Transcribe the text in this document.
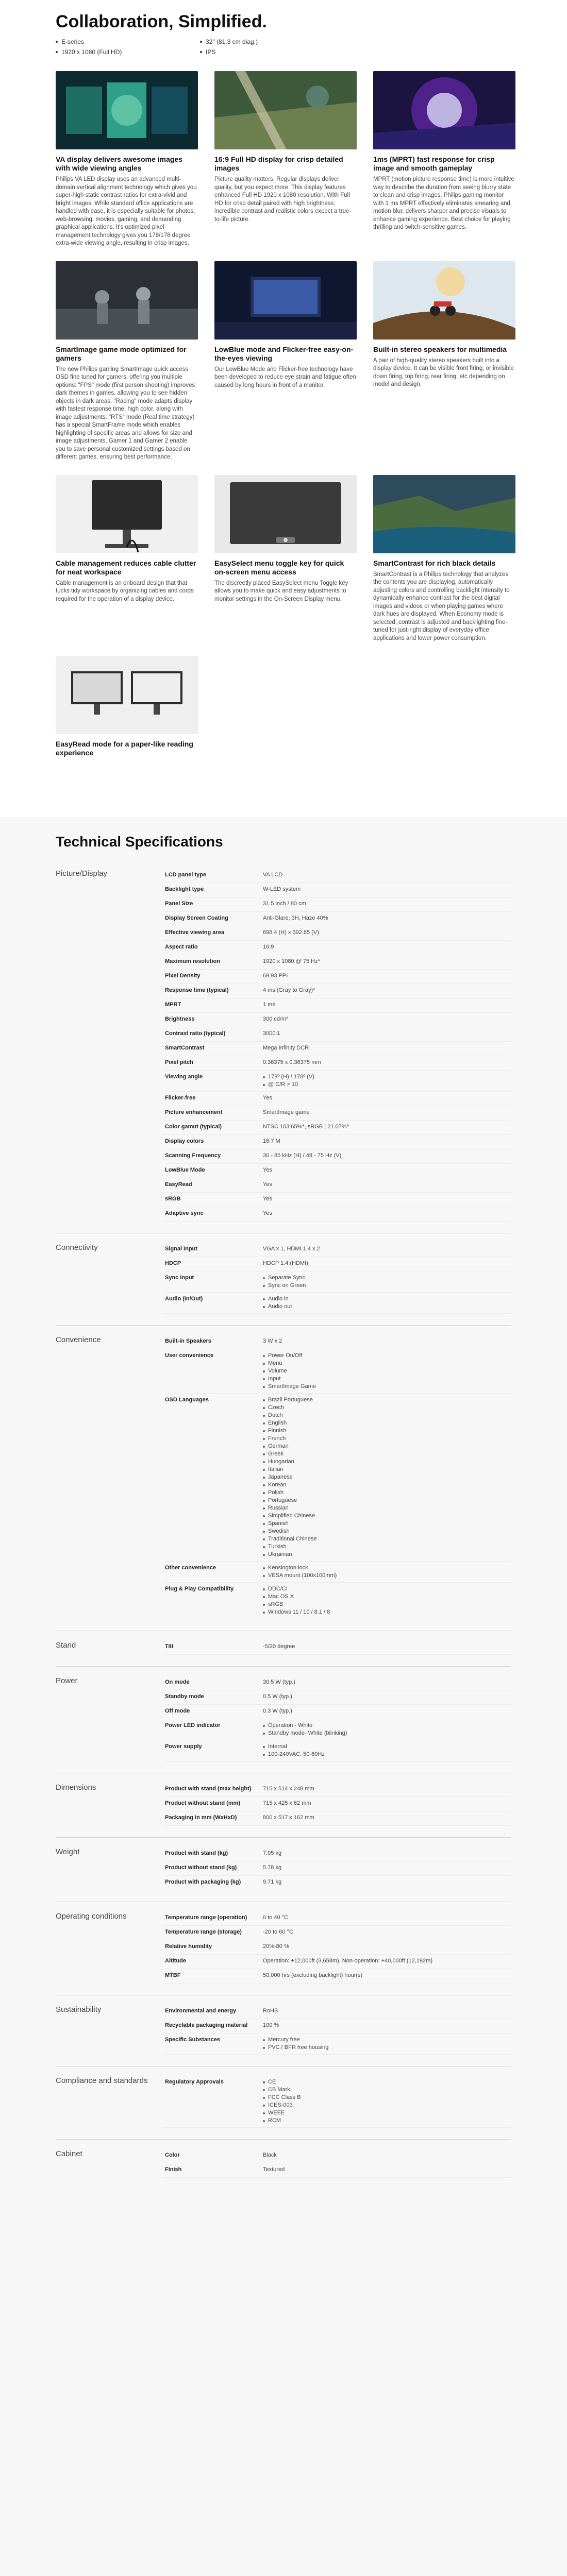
Collaboration, Simplified.
E-series	32" (81.3 cm diag.)
1920 x 1080 (Full HD)	IPS
VA display delivers awesome images with wide viewing angles

Philips VA LED display uses an advanced multi-domain vertical alignment technology which gives you super-high static contrast ratios for extra-vivid and bright images. While standard office applications are handled with ease, it is especially suitable for photos, web-browsing, movies, gaming, and demanding graphical applications. It's optimized pixel management technology gives you 178/178 degree extra-wide viewing angle, resulting in crisp images.

16:9 Full HD display for crisp detailed images

Picture quality matters. Regular displays deliver quality, but you expect more. This display features enhanced Full HD 1920 x 1080 resolution. With Full HD for crisp detail paired with high brightness, incredible contrast and realistic colors expect a true-to-life picture.

1ms (MPRT) fast response for crisp image and smooth gameplay

MPRT (motion picture response time) is more intuitive way to describe the duration from seeing blurry state to clean and crisp images. Philips gaming monitor with 1 ms MPRT effectively eliminates smearing and motion blur, delivers sharper and precise visuals to enhance gaming experience. Best choice for playing thrilling and twitch-sensitive games.

SmartImage game mode optimized for gamers

The new Philips gaming SmartImage quick access OSD fine tuned for gamers, offering you multiple options: "FPS" mode (first person shooting) improves dark themes in games, allowing you to see hidden objects in dark areas. "Racing" mode adapts display with fastest response time, high color, along with image adjustments. "RTS" mode (Real time strategy) has a special SmartFrame mode which enables highlighting of specific areas and allows for size and image adjustments. Gamer 1 and Gamer 2 enable you to save personal customized settings based on different games, ensuring best performance.

LowBlue mode and Flicker-free easy-on-the-eyes viewing

Our LowBlue Mode and Flicker-free technology have been developed to reduce eye strain and fatigue often caused by long hours in front of a monitor.

Built-in stereo speakers for multimedia

A pair of high-quality stereo speakers built into a display device. It can be visible front firing, or invisible down firing, top firing, rear firing, etc depending on model and design.

Cable management reduces cable clutter for neat workspace

Cable management is an onboard design that that tucks tidy workspace by organizing cables and cords required for the operation of a display device.

EasySelect menu toggle key for quick on-screen menu access

The discreetly placed EasySelect menu Toggle key allows you to make quick and easy adjustments to monitor settings in the On-Screen Display menu.

SmartContrast for rich black details

SmartContrast is a Philips technology that analyzes the contents you are displaying, automatically adjusting colors and controlling backlight intensity to dynamically enhance contrast for the best digital images and videos or when playing games where dark hues are displayed. When Economy mode is selected, contrast is adjusted and backlighting fine-tuned for just-right display of everyday office applications and lower power consumption.

EasyRead mode for a paper-like reading experience
Technical Specifications
Picture/Display	LCD panel type	VA LCD
Backlight type	W-LED system
Panel Size	31.5 inch / 80 cm
Display Screen Coating	Anti-Glare, 3H, Haze 40%
Effective viewing area	698.4 (H) x 392.85 (V)
Aspect ratio	16:9
Maximum resolution	1920 x 1080 @ 75 Hz*
Pixel Density	69.93 PPI
Response time (typical)	4 ms (Gray to Gray)*
MPRT	1 ms
Brightness	300 cd/m²
Contrast ratio (typical)	3000:1
SmartContrast	Mega Infinity DCR
Pixel pitch	0.36375 x 0.36375 mm
Viewing angle	178º (H) / 178º (V)
@ C/R > 10
Flicker-free	Yes
Picture enhancement	SmartImage game
Color gamut (typical)	NTSC 103.65%*, sRGB 121.07%*
Display colors	16.7 M
Scanning Frequency	30 - 85 kHz (H) / 48 - 75 Hz (V)
LowBlue Mode	Yes
EasyRead	Yes
sRGB	Yes
Adaptive sync	Yes
Connectivity	Signal Input	VGA x 1, HDMI 1.4 x 2
HDCP	HDCP 1.4 (HDMI)
Sync Input	Separate Sync
Sync on Green
Audio (In/Out)	Audio in
Audio out
Convenience	Built-in Speakers	3 W x 2
User convenience	Power On/Off
Menu
Volume
Input
SmartImage Game
OSD Languages	Brazil Portuguese
Czech
Dutch
English
Finnish
French
German
Greek
Hungarian
Italian
Japanese
Korean
Polish
Portuguese
Russian
Simplified Chinese
Spanish
Swedish
Traditional Chinese
Turkish
Ukrainian
Other convenience	Kensington lock
VESA mount (100x100mm)
Plug & Play Compatibility	DDC/CI
Mac OS X
sRGB
Windows 11 / 10 / 8.1 / 8
Stand	Tilt	-5/20 degree
Power	On mode	30.5 W (typ.)
Standby mode	0.5 W (typ.)
Off mode	0.3 W (typ.)
Power LED indicator	Operation - White
Standby mode- White (blinking)
Power supply	Internal
100-240VAC, 50-60Hz
Dimensions	Product with stand (max height)	715 x 514 x 248 mm
Product without stand (mm)	715 x 425 x 62 mm
Packaging in mm (WxHxD)	800 x 517 x 162 mm
Weight	Product with stand (kg)	7.05 kg
Product without stand (kg)	5.78 kg
Product with packaging (kg)	9.71 kg
Operating conditions	Temperature range (operation)	0 to 40 °C
Temperature range (storage)	-20 to 60 °C
Relative humidity	20%-80 %
Altitude	Operation: +12,000ft (3,658m), Non-operation: +40,000ft (12,192m)
MTBF	50,000 hrs (excluding backlight) hour(s)
Sustainability	Environmental and energy	RoHS
Recyclable packaging material	100 %
Specific Substances	Mercury free
PVC / BFR free housing
Compliance and standards	Regulatory Approvals	CE
CB Mark
FCC Class B
ICES-003
WEEE
RCM
Cabinet	Color	Black
Finish	Textured
